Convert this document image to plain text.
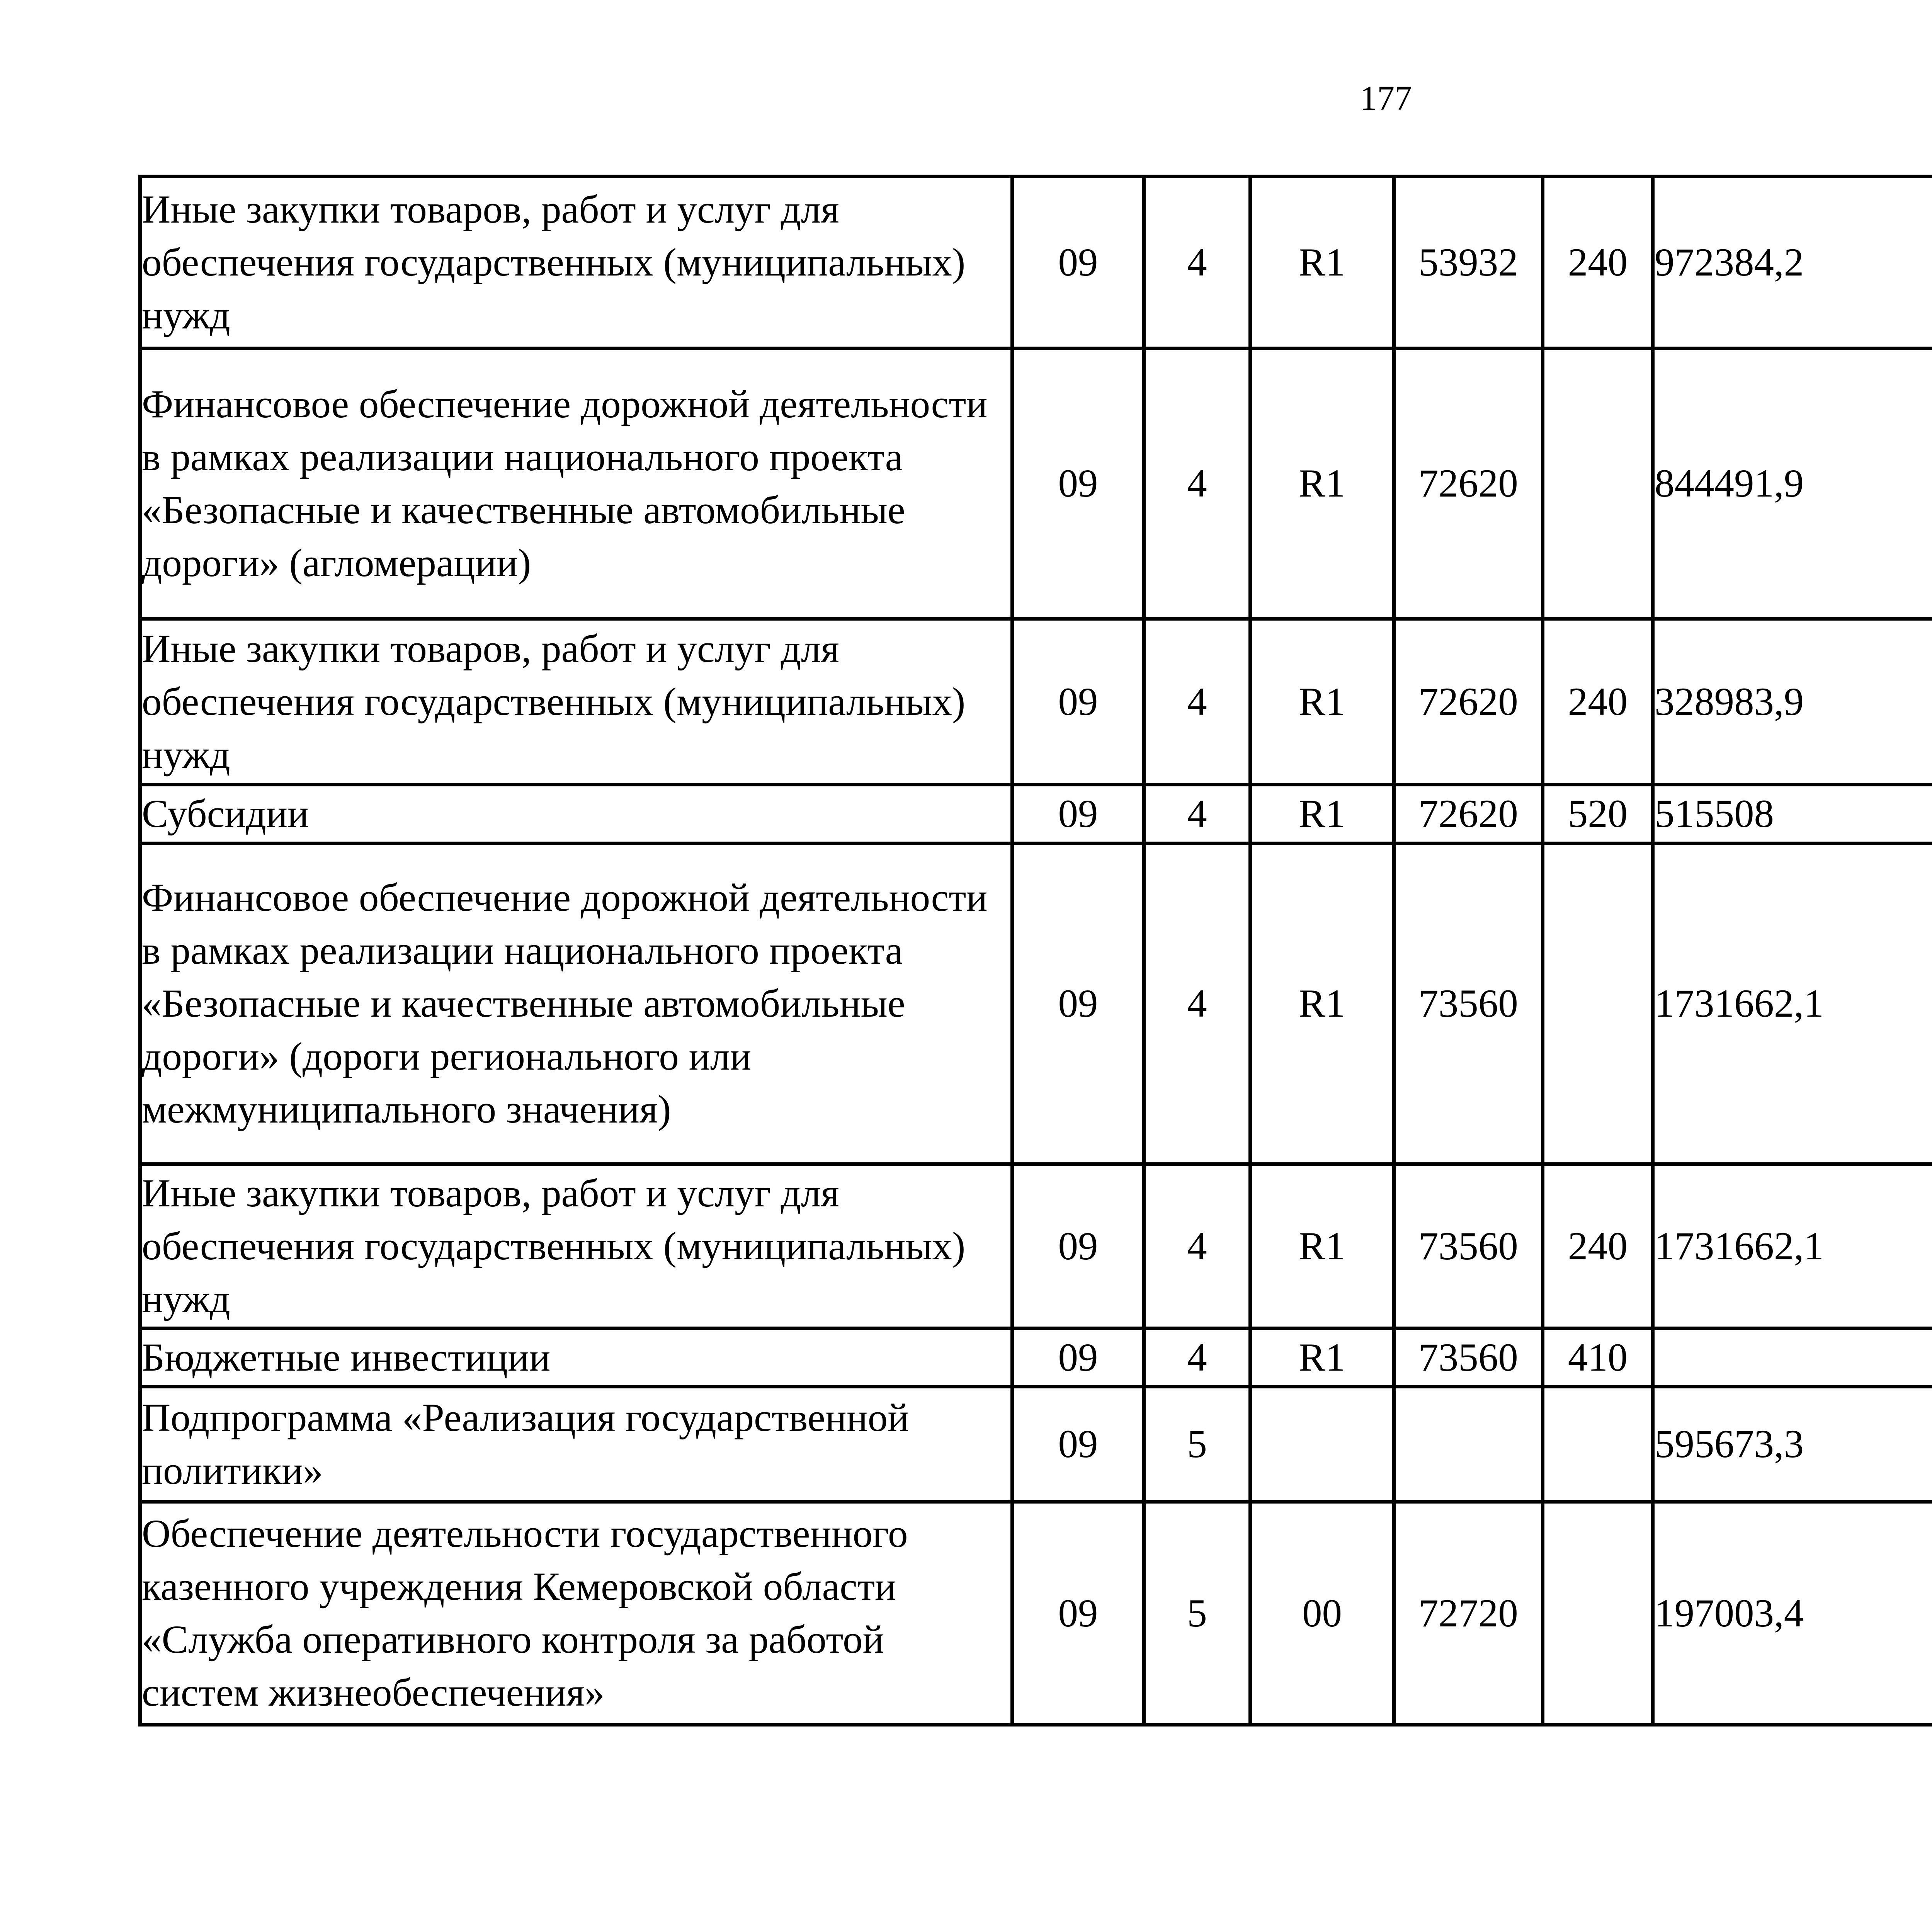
177
Иные закупки товаров, работ и услуг для обеспечения государственных (муниципальных) нужд	09	4	R1	53932	240	972384,2		
Финансовое обеспечение дорожной деятельности в рамках реализации национального проекта «Безопасные и качественные автомобильные дороги» (агломерации)	09	4	R1	72620		844491,9		
Иные закупки товаров, работ и услуг для обеспечения государственных (муниципальных) нужд	09	4	R1	72620	240	328983,9		
Субсидии	09	4	R1	72620	520	515508		
Финансовое обеспечение дорожной деятельности в рамках реализации национального проекта «Безопасные и качественные автомобильные дороги» (дороги регионального или межмуниципального значения)	09	4	R1	73560		1731662,1		
Иные закупки товаров, работ и услуг для обеспечения государственных (муниципальных) нужд	09	4	R1	73560	240	1731662,1		
Бюджетные инвестиции	09	4	R1	73560	410			
Подпрограмма «Реализация государственной политики»	09	5				595673,3		
Обеспечение деятельности государственного казенного учреждения Кемеровской области «Служба оперативного контроля за работой систем жизнеобеспечения»	09	5	00	72720		197003,4		
